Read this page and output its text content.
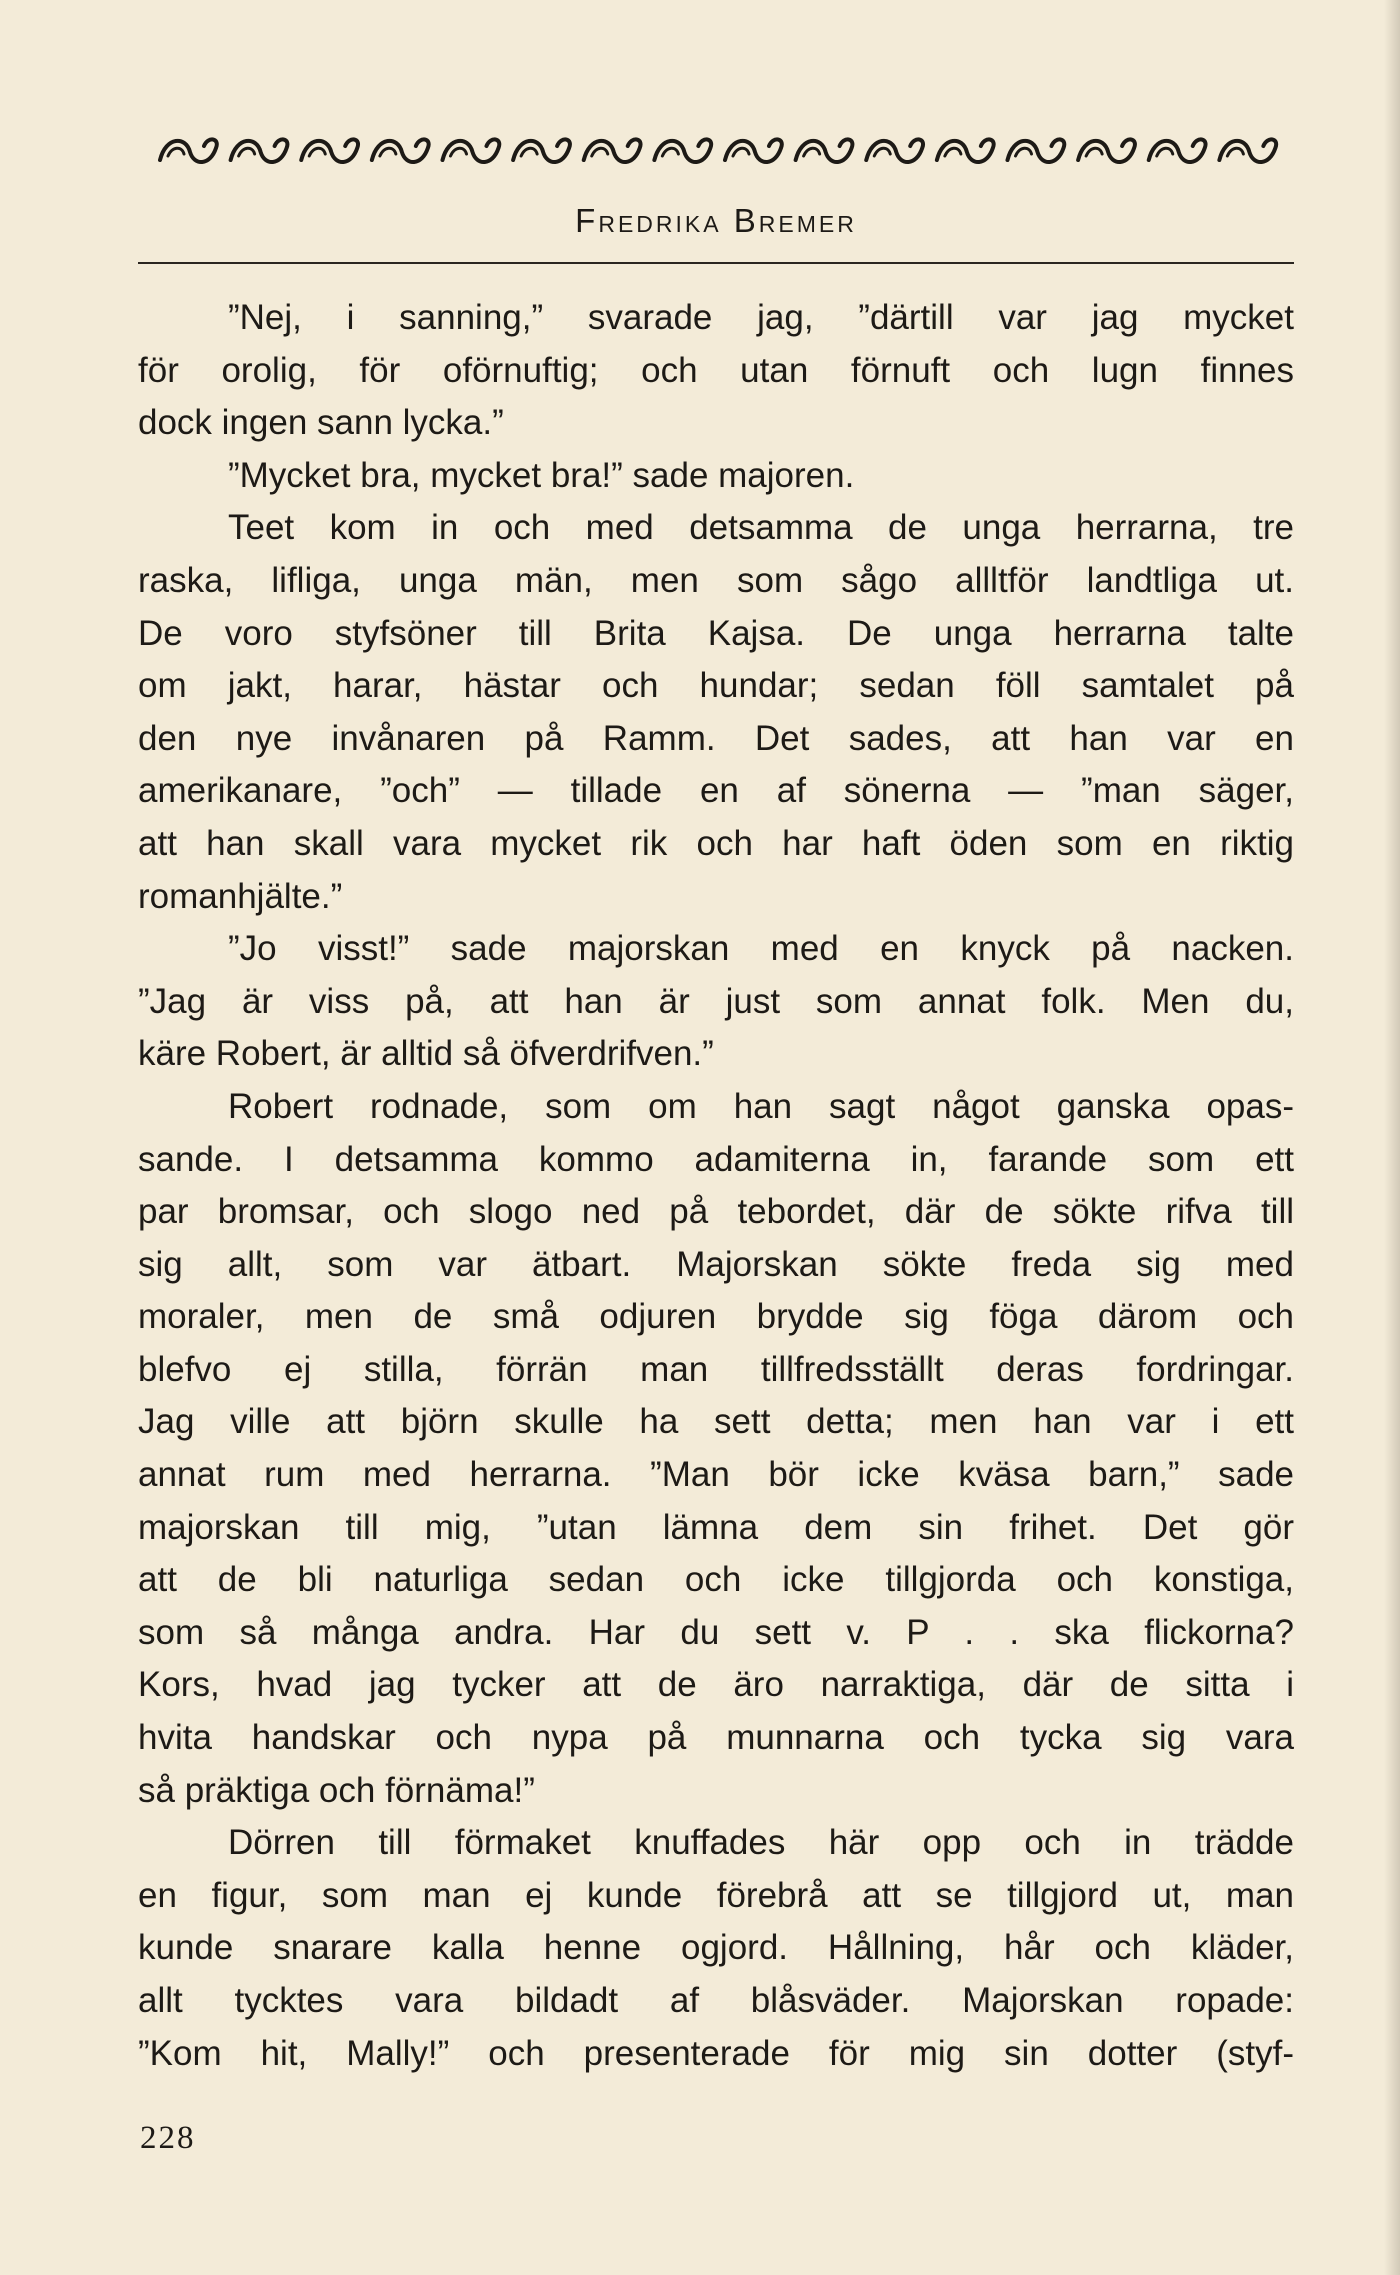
Fredrika Bremer
”Nej, i sanning,” svarade jag, ”därtill var jag mycket
för orolig, för oförnuftig; och utan förnuft och lugn finnes
dock ingen sann lycka.”
”Mycket bra, mycket bra!” sade majoren.
Teet kom in och med detsamma de unga herrarna, tre
raska, lifliga, unga män, men som sågo allltför landtliga ut.
De voro styfsöner till Brita Kajsa. De unga herrarna talte
om jakt, harar, hästar och hundar; sedan föll samtalet på
den nye invånaren på Ramm. Det sades, att han var en
amerikanare, ”och” — tillade en af sönerna — ”man säger,
att han skall vara mycket rik och har haft öden som en riktig
romanhjälte.”
”Jo visst!” sade majorskan med en knyck på nacken.
”Jag är viss på, att han är just som annat folk. Men du,
käre Robert, är alltid så öfverdrifven.”
Robert rodnade, som om han sagt något ganska opas-
sande. I detsamma kommo adamiterna in, farande som ett
par bromsar, och slogo ned på tebordet, där de sökte rifva till
sig allt, som var ätbart. Majorskan sökte freda sig med
moraler, men de små odjuren brydde sig föga därom och
blefvo ej stilla, förrän man tillfredsställt deras fordringar.
Jag ville att björn skulle ha sett detta; men han var i ett
annat rum med herrarna. ”Man bör icke kväsa barn,” sade
majorskan till mig, ”utan lämna dem sin frihet. Det gör
att de bli naturliga sedan och icke tillgjorda och konstiga,
som så många andra. Har du sett v. P . . ska flickorna?
Kors, hvad jag tycker att de äro narraktiga, där de sitta i
hvita handskar och nypa på munnarna och tycka sig vara
så präktiga och förnäma!”
Dörren till förmaket knuffades här opp och in trädde
en figur, som man ej kunde förebrå att se tillgjord ut, man
kunde snarare kalla henne ogjord. Hållning, hår och kläder,
allt tycktes vara bildadt af blåsväder. Majorskan ropade:
”Kom hit, Mally!” och presenterade för mig sin dotter (styf-
228
